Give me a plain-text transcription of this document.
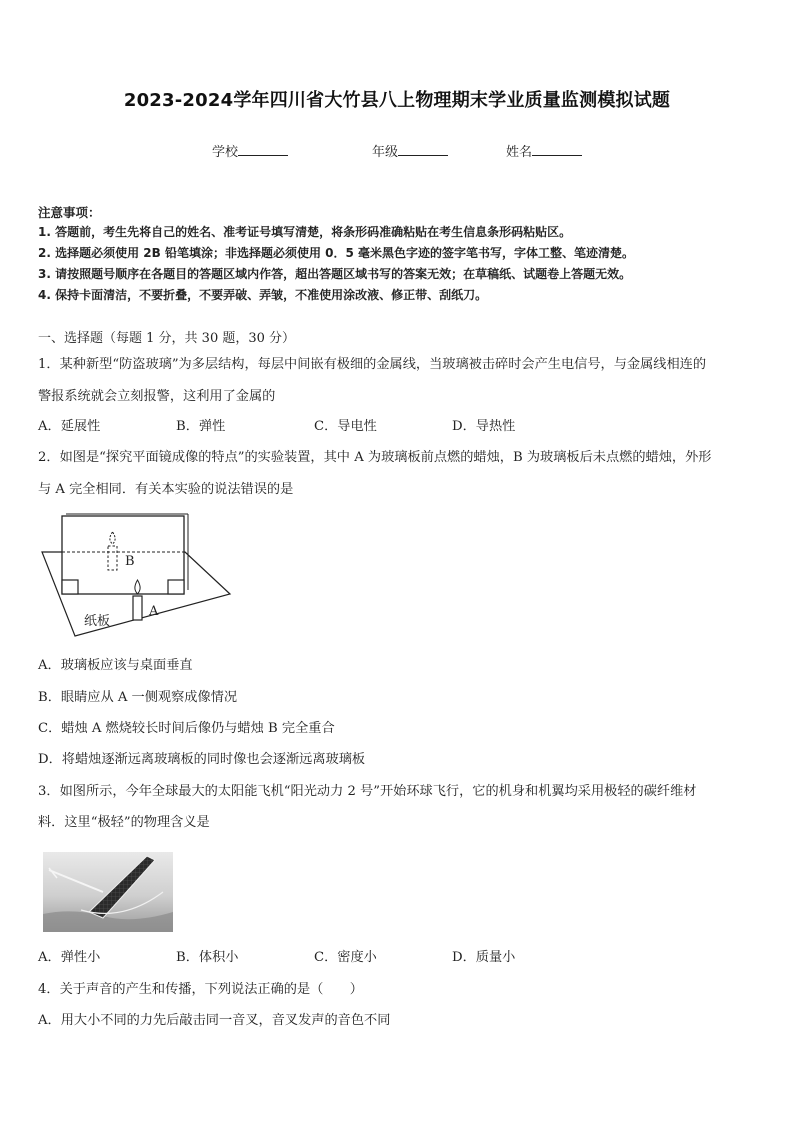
2023-2024学年四川省大竹县八上物理期末学业质量监测模拟试题
学校	年级	姓名
注意事项：
1. 答题前，考生先将自己的姓名、准考证号填写清楚，将条形码准确粘贴在考生信息条形码粘贴区。
2. 选择题必须使用 2B 铅笔填涂；非选择题必须使用 0．5 毫米黑色字迹的签字笔书写，字体工整、笔迹清楚。
3. 请按照题号顺序在各题目的答题区域内作答，超出答题区域书写的答案无效；在草稿纸、试题卷上答题无效。
4. 保持卡面清洁，不要折叠，不要弄破、弄皱，不准使用涂改液、修正带、刮纸刀。
一、选择题（每题 1 分，共 30 题，30 分）
1．某种新型“防盗玻璃”为多层结构，每层中间嵌有极细的金属线，当玻璃被击碎时会产生电信号，与金属线相连的
警报系统就会立刻报警，这利用了金属的
A．延展性	B．弹性	C．导电性	D．导热性
2．如图是“探究平面镜成像的特点”的实验装置，其中 A 为玻璃板前点燃的蜡烛，B 为玻璃板后未点燃的蜡烛，外形
与 A 完全相同．有关本实验的说法错误的是
B
A
纸板
A．玻璃板应该与桌面垂直
B．眼睛应从 A 一侧观察成像情况
C．蜡烛 A 燃烧较长时间后像仍与蜡烛 B 完全重合
D．将蜡烛逐渐远离玻璃板的同时像也会逐渐远离玻璃板
3．如图所示，今年全球最大的太阳能飞机“阳光动力 2 号”开始环球飞行，它的机身和机翼均采用极轻的碳纤维材
料．这里“极轻”的物理含义是
A．弹性小	B．体积小	C．密度小	D．质量小
4．关于声音的产生和传播，下列说法正确的是（　　）
A．用大小不同的力先后敲击同一音叉，音叉发声的音色不同
